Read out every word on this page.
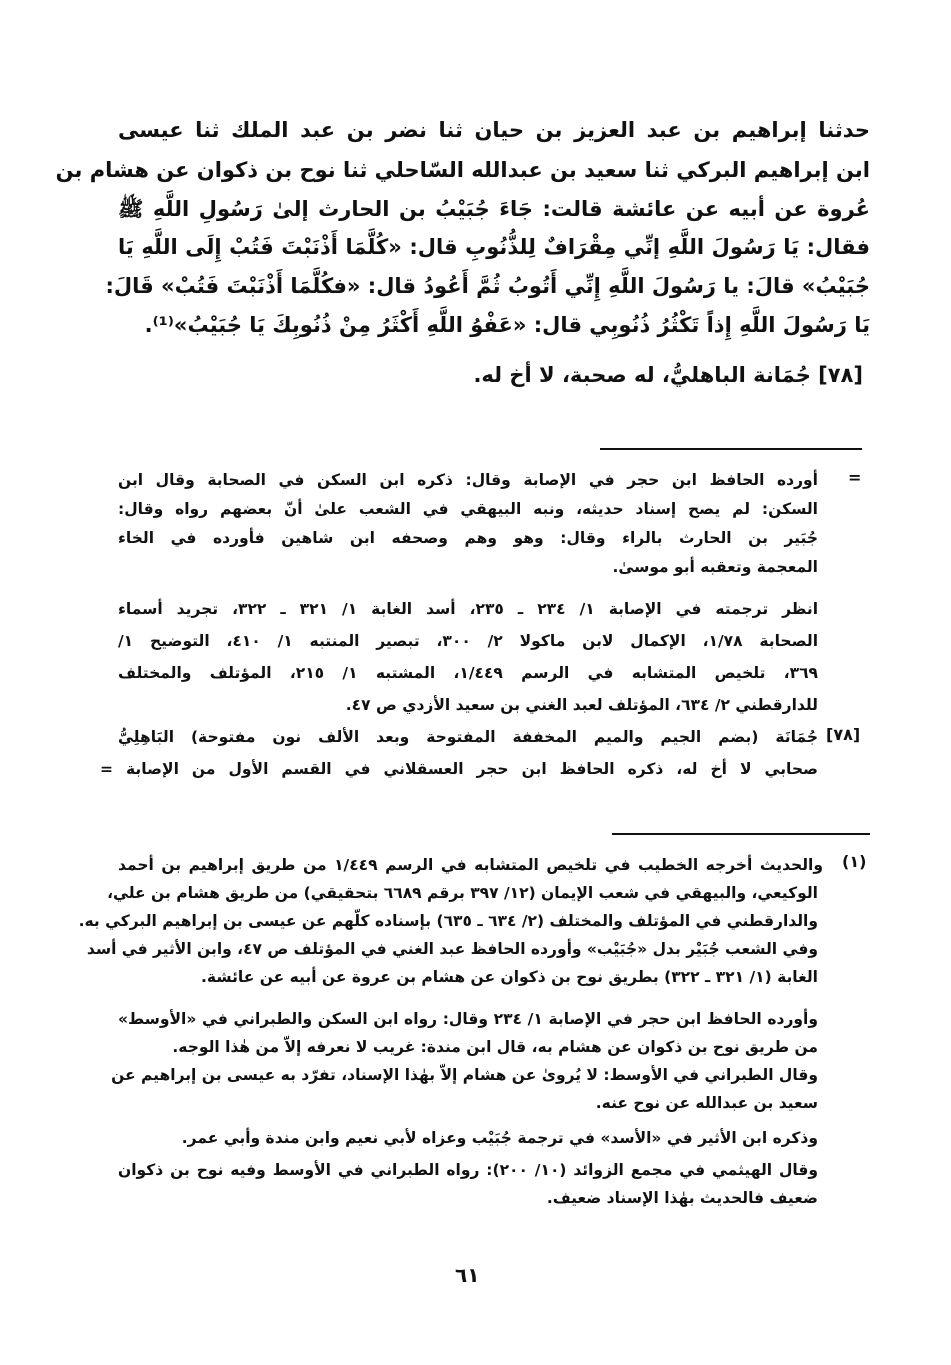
حدثنا إبراهيم بن عبد العزيز بن حيان ثنا نضر بن عبد الملك ثنا عيسى
ابن إبراهيم البركي ثنا سعيد بن عبدالله السّاحلي ثنا نوح بن ذكوان عن هشام بن
عُروة عن أبيه عن عائشة قالت: جَاءَ جُبَيْبُ بن الحارث إلىٰ رَسُولِ اللَّهِ ﷺ
فقال: يَا رَسُولَ اللَّهِ إنِّي مِقْرَافٌ لِلذُّنُوبِ قال: «كُلَّمَا أَذْنَبْتَ فَتُبْ إِلَى اللَّهِ يَا
جُبَيْبُ» قالَ: يا رَسُولَ اللَّهِ إِنِّي أَتُوبُ ثُمَّ أَعُودُ قال: «فكُلَّمَا أَذْنَبْتَ فَتُبْ» قَالَ:
يَا رَسُولَ اللَّهِ إِذاً تَكْثُرُ ذُنُوبِي قال: «عَفْوُ اللَّهِ أَكْثَرُ مِنْ ذُنُوبِكَ يَا جُبَيْبُ»⁽¹⁾.
[٧٨] جُمَانة الباهليُّ، له صحبة، لا أخ له.
=
أورده الحافظ ابن حجر في الإصابة وقال: ذكره ابن السكن في الصحابة وقال ابن
السكن: لم يصح إسناد حديثه، ونبه البيهقي في الشعب علىٰ أنّ بعضهم رواه وقال:
جُبَير بن الحارث بالراء وقال: وهو وهم وصحفه ابن شاهين فأورده في الخاء
المعجمة وتعقبه أبو موسىٰ.
انظر ترجمته في الإصابة ١/ ٢٣٤ ـ ٢٣٥، أسد الغابة ١/ ٣٢١ ـ ٣٢٢، تجريد أسماء
الصحابة ١/٧٨، الإكمال لابن ماكولا ٢/ ٣٠٠، تبصير المنتبه ١/ ٤١٠، التوضيح ١/
٣٦٩، تلخيص المتشابه في الرسم ١/٤٤٩، المشتبه ١/ ٢١٥، المؤتلف والمختلف
للدارقطني ٢/ ٦٣٤، المؤتلف لعبد الغني بن سعيد الأزدي ص ٤٧.
[٧٨]
جُمَانَة (بضم الجيم والميم المخففة المفتوحة وبعد الألف نون مفتوحة) البَاهِلِيُّ
صحابي لا أخ له، ذكره الحافظ ابن حجر العسقلاني في القسم الأول من الإصابة =
(١)
والحديث أخرجه الخطيب في تلخيص المتشابه في الرسم ١/٤٤٩ من طريق إبراهيم بن أحمد
الوكيعي، والبيهقي في شعب الإيمان (١٢/ ٣٩٧ برقم ٦٦٨٩ بتحقيقي) من طريق هشام بن علي،
والدارقطني في المؤتلف والمختلف (٢/ ٦٣٤ ـ ٦٣٥) بإسناده كلّهم عن عيسى بن إبراهيم البركي به.
وفي الشعب جُبَيْر بدل «جُبَيْب» وأورده الحافظ عبد الغني في المؤتلف ص ٤٧، وابن الأثير في أسد
الغابة (١/ ٣٢١ ـ ٣٢٢) بطريق نوح بن ذكوان عن هشام بن عروة عن أبيه عن عائشة.
وأورده الحافظ ابن حجر في الإصابة ١/ ٢٣٤ وقال: رواه ابن السكن والطبراني في «الأوسط»
من طريق نوح بن ذكوان عن هشام به، قال ابن مندة: غريب لا نعرفه إلاّ من هٰذا الوجه.
وقال الطبراني في الأوسط: لا يُروىٰ عن هشام إلاّ بهٰذا الإسناد، تفرّد به عيسى بن إبراهيم عن
سعيد بن عبدالله عن نوح عنه.
وذكره ابن الأثير في «الأسد» في ترجمة جُبَيْب وعزاه لأبي نعيم وابن مندة وأبي عمر.
وقال الهيثمي في مجمع الزوائد (١٠/ ٢٠٠): رواه الطبراني في الأوسط وفيه نوح بن ذكوان
ضعيف فالحديث بهٰذا الإسناد ضعيف.
٦١
